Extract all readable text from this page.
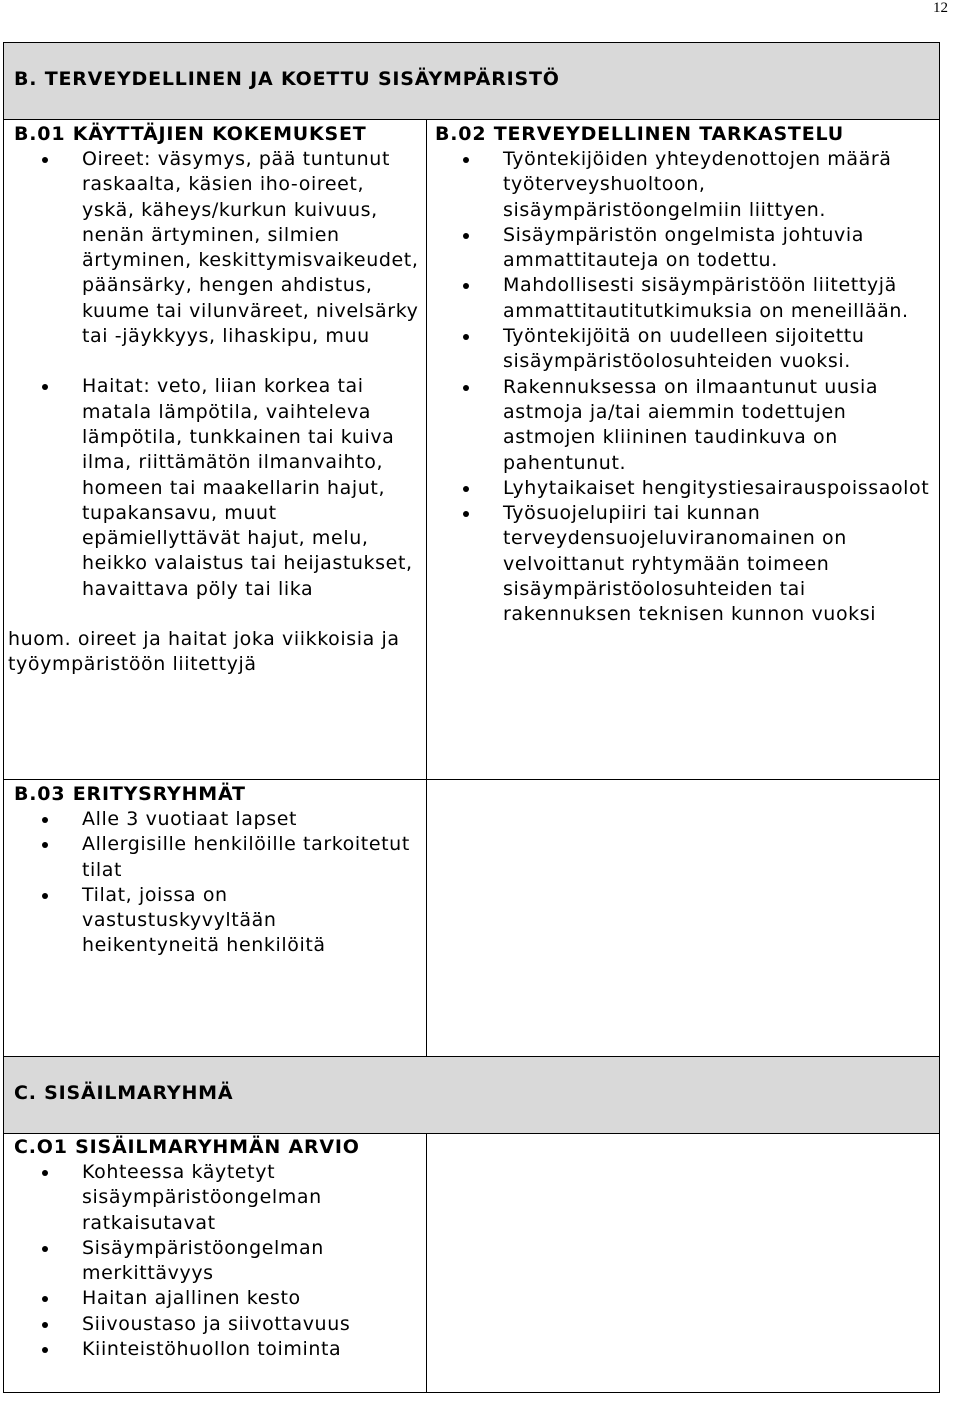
12
B. TERVEYDELLINEN JA KOETTU SISÄYMPÄRISTÖ
B.01 KÄYTTÄJIEN KOKEMUKSET
Oireet: väsymys, pää tuntunut raskaalta, käsien iho-oireet, yskä, käheys/kurkun kuivuus, nenän ärtyminen, silmien ärtyminen, keskittymisvaikeudet, päänsärky, hengen ahdistus, kuume tai vilunväreet, nivelsärky tai -jäykkyys, lihaskipu, muu
Haitat: veto, liian korkea tai matala lämpötila, vaihteleva lämpötila, tunkkainen tai kuiva ilma, riittämätön ilmanvaihto, homeen tai maakellarin hajut, tupakansavu, muut epämiellyttävät hajut, melu, heikko valaistus tai heijastukset, havaittava pöly tai lika
huom. oireet ja haitat joka viikkoisia ja työympäristöön liitettyjä
B.02 TERVEYDELLINEN TARKASTELU
Työntekijöiden yhteydenottojen määrä työterveyshuoltoon, sisäympäristöongelmiin liittyen.
Sisäympäristön ongelmista johtuvia ammattitauteja on todettu.
Mahdollisesti sisäympäristöön liitettyjä ammattitautitutkimuksia on meneillään.
Työntekijöitä on uudelleen sijoitettu sisäympäristöolosuhteiden vuoksi.
Rakennuksessa on ilmaantunut uusia astmoja ja/tai aiemmin todettujen astmojen kliininen taudinkuva on pahentunut.
Lyhytaikaiset hengitystiesairauspoissaolot
Työsuojelupiiri tai kunnan terveydensuojeluviranomainen on velvoittanut ryhtymään toimeen sisäympäristöolosuhteiden tai rakennuksen teknisen kunnon vuoksi
B.03 ERITYSRYHMÄT
Alle 3 vuotiaat lapset
Allergisille henkilöille tarkoitetut tilat
Tilat, joissa on vastustuskyvyltään heikentyneitä henkilöitä
C. SISÄILMARYHMÄ
C.O1 SISÄILMARYHMÄN ARVIO
Kohteessa käytetyt sisäympäristöongelman ratkaisutavat
Sisäympäristöongelman merkittävyys
Haitan ajallinen kesto
Siivoustaso ja siivottavuus
Kiinteistöhuollon toiminta
